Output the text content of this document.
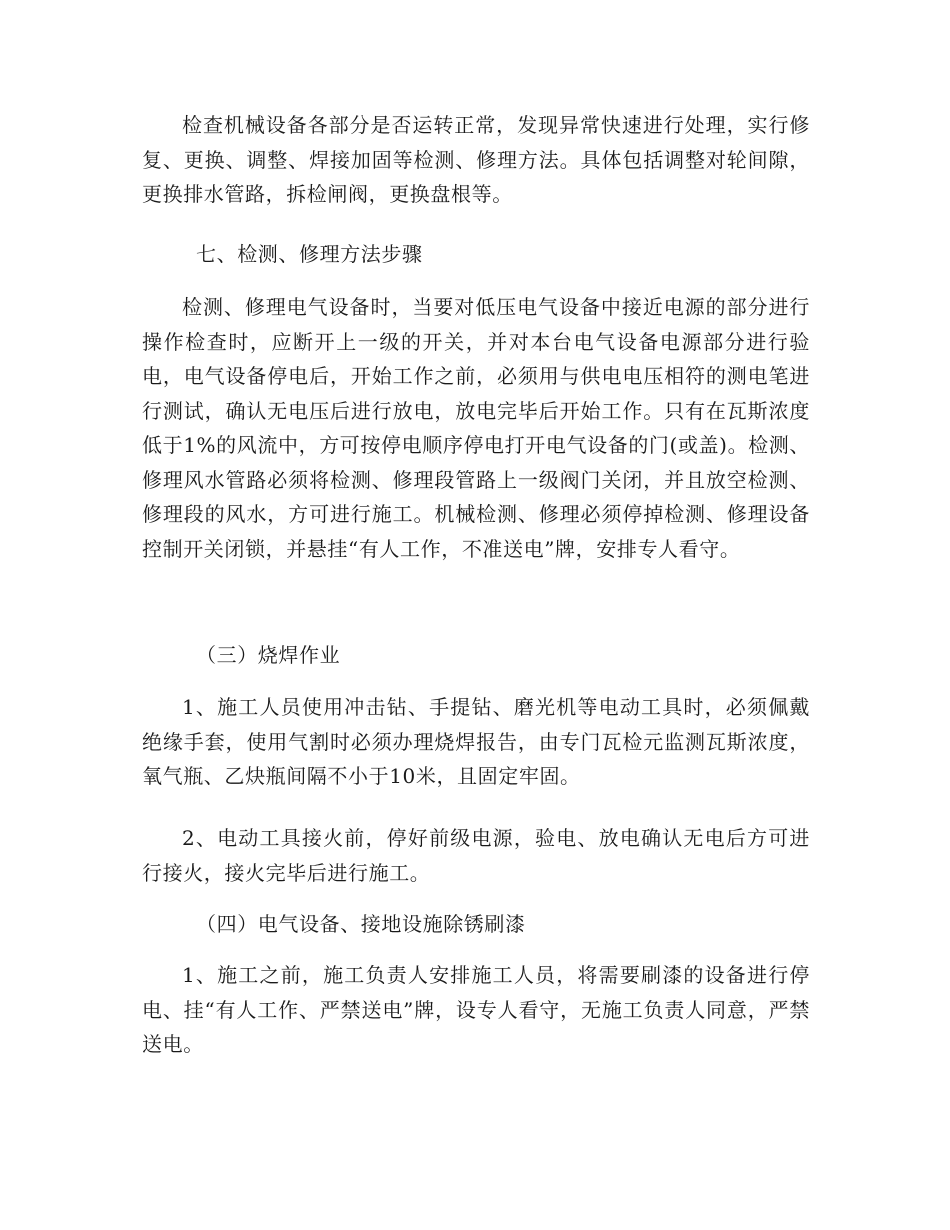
检查机械设备各部分是否运转正常，发现异常快速进行处理，实行修复、更换、调整、焊接加固等检测、修理方法。具体包括调整对轮间隙，更换排水管路，拆检闸阀，更换盘根等。

七、检测、修理方法步骤

检测、修理电气设备时，当要对低压电气设备中接近电源的部分进行操作检查时，应断开上一级的开关，并对本台电气设备电源部分进行验电，电气设备停电后，开始工作之前，必须用与供电电压相符的测电笔进行测试，确认无电压后进行放电，放电完毕后开始工作。只有在瓦斯浓度低于1%的风流中，方可按停电顺序停电打开电气设备的门(或盖)。检测、修理风水管路必须将检测、修理段管路上一级阀门关闭，并且放空检测、修理段的风水，方可进行施工。机械检测、修理必须停掉检测、修理设备控制开关闭锁，并悬挂“有人工作，不准送电”牌，安排专人看守。

（三）烧焊作业

1、施工人员使用冲击钻、手提钻、磨光机等电动工具时，必须佩戴绝缘手套，使用气割时必须办理烧焊报告，由专门瓦检元监测瓦斯浓度，氧气瓶、乙炔瓶间隔不小于10米，且固定牢固。

2、电动工具接火前，停好前级电源，验电、放电确认无电后方可进行接火，接火完毕后进行施工。

（四）电气设备、接地设施除锈刷漆

1、施工之前，施工负责人安排施工人员，将需要刷漆的设备进行停电、挂“有人工作、严禁送电”牌，设专人看守，无施工负责人同意，严禁送电。
